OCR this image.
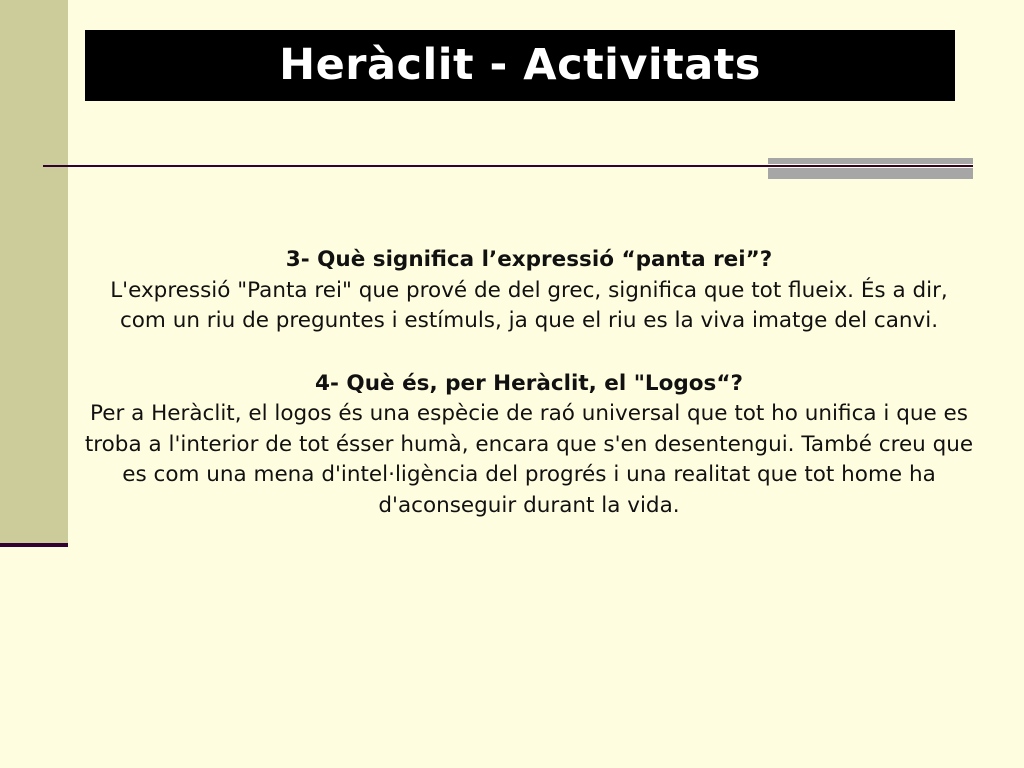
Heràclit - Activitats

3- Què significa l’expressió “panta rei”?

L'expressió "Panta rei" que prové de del grec, significa que tot flueix. És a dir, com un riu de preguntes i estímuls, ja que el riu es la viva imatge del canvi.

4- Què és, per Heràclit, el "Logos“?

Per a Heràclit, el logos és una espècie de raó universal que tot ho unifica i que es troba a l'interior de tot ésser humà, encara que s'en desentengui. També creu que es com una mena d'intel·ligència del progrés i una realitat que tot home ha d'aconseguir durant la vida.
